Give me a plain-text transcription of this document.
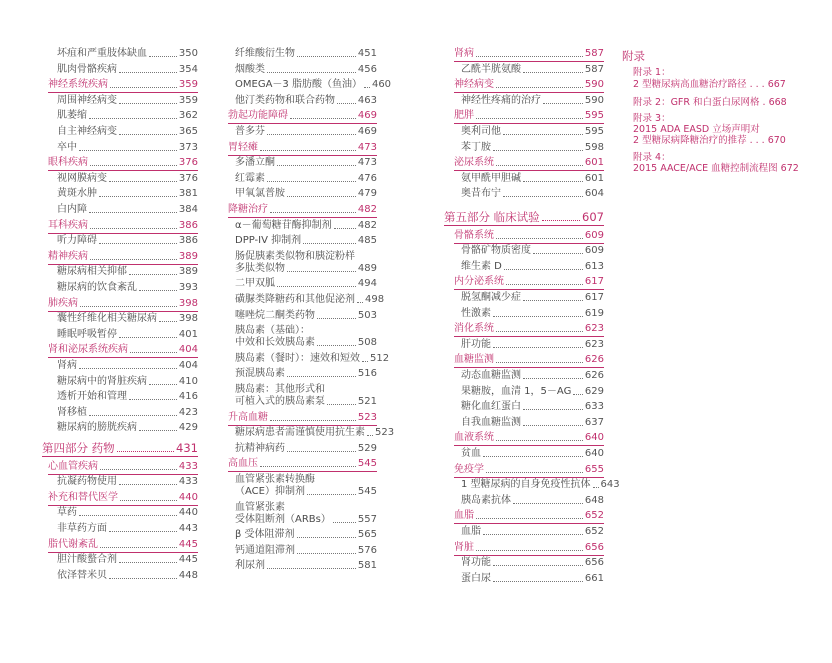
坏疽和严重肢体缺血	350
肌肉骨骼疾病	354
神经系统疾病	359
周围神经病变	359
肌萎缩	362
自主神经病变	365
卒中	373
眼科疾病	376
视网膜病变	376
黄斑水肿	381
白内障	384
耳科疾病	386
听力障碍	386
精神疾病	389
糖尿病相关抑郁	389
糖尿病的饮食紊乱	393
肺疾病	398
囊性纤维化相关糖尿病 398
睡眠呼吸暂停	401
肾和泌尿系统疾病	404
肾病	404
糖尿病中的肾脏疾病	410
透析开始和管理	416
肾移植	423
糖尿病的膀胱疾病	429
第四部分 药物	431
心血管疾病	433
抗凝药物使用	433
补充和替代医学	440
草药	440
非草药方面	443
脂代谢紊乱	445
胆汁酸螯合剂	445
依泽替米贝	448
纤维酸衍生物	451
烟酸类	456
OMEGA－3 脂肪酸（鱼油） 460
他汀类药物和联合药物 463
勃起功能障碍	469
普多芬	469
胃轻瘫	473
多潘立酮	473
红霉素	476
甲氧氯普胺	479
降糖治疗	482
α－葡萄糖苷酶抑制剂	482
DPP-IV 抑制剂	485
肠促胰素类似物和胰淀粉样
多肽类似物	489
二甲双胍	494
磺脲类降糖药和其他促泌剂 498
噻唑烷二酮类药物	503
胰岛素（基础）：
中效和长效胰岛素	508
胰岛素（餐时）：速效和短效 512
预混胰岛素	516
胰岛素：其他形式和
可植入式的胰岛素泵	521
升高血糖	523
糖尿病患者需谨慎使用抗生素 523
抗精神病药	529
高血压	545
血管紧张素转换酶
（ACE）抑制剂	545
血管紧张素
受体阻断剂（ARBs）	557
β 受体阻滞剂	565
钙通道阻滞剂	576
利尿剂	581
肾病	587
乙酰半胱氨酸	587
神经病变	590
神经性疼痛的治疗	590
肥胖	595
奥利司他	595
苯丁胺	598
泌尿系统	601
氨甲酰甲胆碱	601
奥昔布宁	604
第五部分 临床试验	607
骨骼系统	609
骨骼矿物质密度	609
维生素 D	613
内分泌系统	617
脱氢酮减少症	617
性激素	619
消化系统	623
肝功能	623
血糖监测	626
动态血糖监测	626
果糖胺，血清 1，5－AG 629
糖化血红蛋白	633
自我血糖监测	637
血液系统	640
贫血	640
免疫学	655
1 型糖尿病的自身免疫性抗体 643
胰岛素抗体	648
血脂	652
血脂	652
肾脏	656
肾功能	656
蛋白尿	661
附录
附录 1：
2 型糖尿病高血糖治疗路径 . . . 667
附录 2：GFR 和白蛋白尿网格 . 668
附录 3：
2015 ADA EASD 立场声明对
2 型糖尿病降糖治疗的推荐 . . . 670
附录 4：
2015 AACE/ACE 血糖控制流程图 672
